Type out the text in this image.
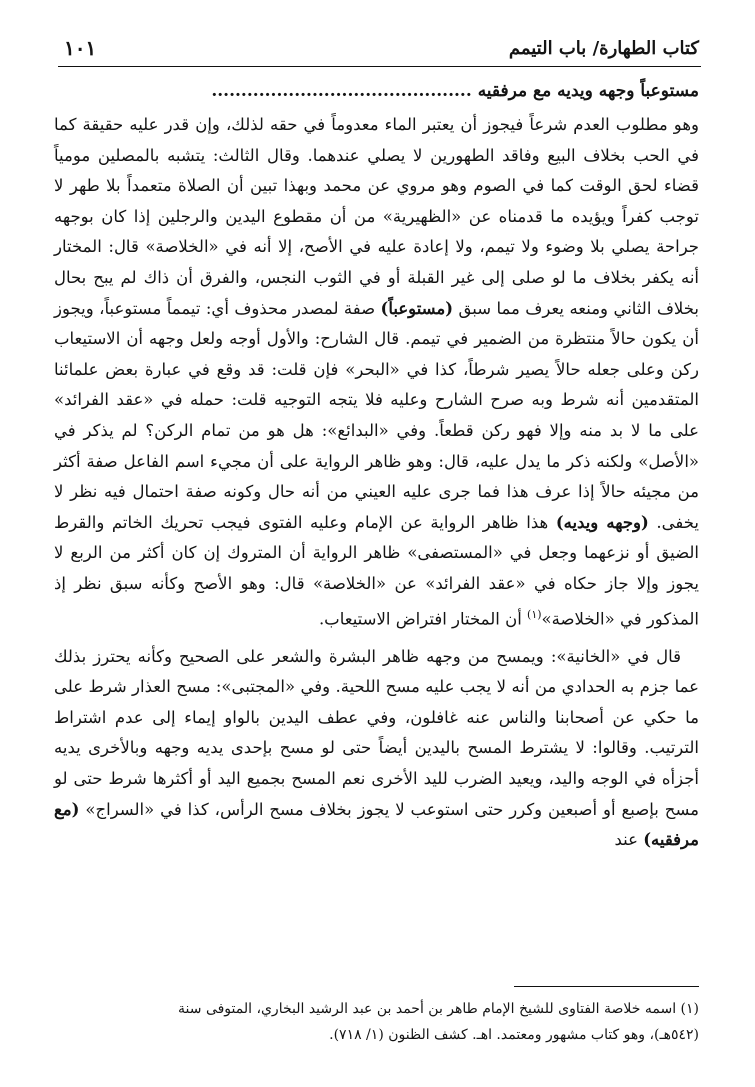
كتاب الطهارة/ باب التيمم
١٠١
مستوعباً وجهه ويديه مع مرفقيه ............................................

وهو مطلوب العدم شرعاً فيجوز أن يعتبر الماء معدوماً في حقه لذلك، وإن قدر عليه حقيقة كما في الحب بخلاف البيع وفاقد الطهورين لا يصلي عندهما. وقال الثالث: يتشبه بالمصلين مومياً قضاء لحق الوقت كما في الصوم وهو مروي عن محمد وبهذا تبين أن الصلاة متعمداً بلا طهر لا توجب كفراً ويؤيده ما قدمناه عن «الظهيرية» من أن مقطوع اليدين والرجلين إذا كان بوجهه جراحة يصلي بلا وضوء ولا تيمم، ولا إعادة عليه في الأصح، إلا أنه في «الخلاصة» قال: المختار أنه يكفر بخلاف ما لو صلى إلى غير القبلة أو في الثوب النجس، والفرق أن ذاك لم يبح بحال بخلاف الثاني ومنعه يعرف مما سبق (مستوعباً) صفة لمصدر محذوف أي: تيمماً مستوعباً، ويجوز أن يكون حالاً منتظرة من الضمير في تيمم. قال الشارح: والأول أوجه ولعل وجهه أن الاستيعاب ركن وعلى جعله حالاً يصير شرطاً، كذا في «البحر» فإن قلت: قد وقع في عبارة بعض علمائنا المتقدمين أنه شرط وبه صرح الشارح وعليه فلا يتجه التوجيه قلت: حمله في «عقد الفرائد» على ما لا بد منه وإلا فهو ركن قطعاً. وفي «البدائع»: هل هو من تمام الركن؟ لم يذكر في «الأصل» ولكنه ذكر ما يدل عليه، قال: وهو ظاهر الرواية على أن مجيء اسم الفاعل صفة أكثر من مجيئه حالاً إذا عرف هذا فما جرى عليه العيني من أنه حال وكونه صفة احتمال فيه نظر لا يخفى. (وجهه ويديه) هذا ظاهر الرواية عن الإمام وعليه الفتوى فيجب تحريك الخاتم والقرط الضيق أو نزعهما وجعل في «المستصفى» ظاهر الرواية أن المتروك إن كان أكثر من الربع لا يجوز وإلا جاز حكاه في «عقد الفرائد» عن «الخلاصة» قال: وهو الأصح وكأنه سبق نظر إذ المذكور في «الخلاصة»$^{(١)}$ أن المختار افتراض الاستيعاب.

قال في «الخانية»: ويمسح من وجهه ظاهر البشرة والشعر على الصحيح وكأنه يحترز بذلك عما جزم به الحدادي من أنه لا يجب عليه مسح اللحية. وفي «المجتبى»: مسح العذار شرط على ما حكي عن أصحابنا والناس عنه غافلون، وفي عطف اليدين بالواو إيماء إلى عدم اشتراط الترتيب. وقالوا: لا يشترط المسح باليدين أيضاً حتى لو مسح بإحدى يديه وجهه وبالأخرى يديه أجزأه في الوجه واليد، ويعيد الضرب لليد الأخرى نعم المسح بجميع اليد أو أكثرها شرط حتى لو مسح بإصبع أو أصبعين وكرر حتى استوعب لا يجوز بخلاف مسح الرأس، كذا في «السراج» (مع مرفقيه) عند

(١) اسمه خلاصة الفتاوى للشيخ الإمام طاهر بن أحمد بن عبد الرشيد البخاري، المتوفى سنة
(٥٤٢هـ)، وهو كتاب مشهور ومعتمد. اهـ. كشف الظنون (١/ ٧١٨).
